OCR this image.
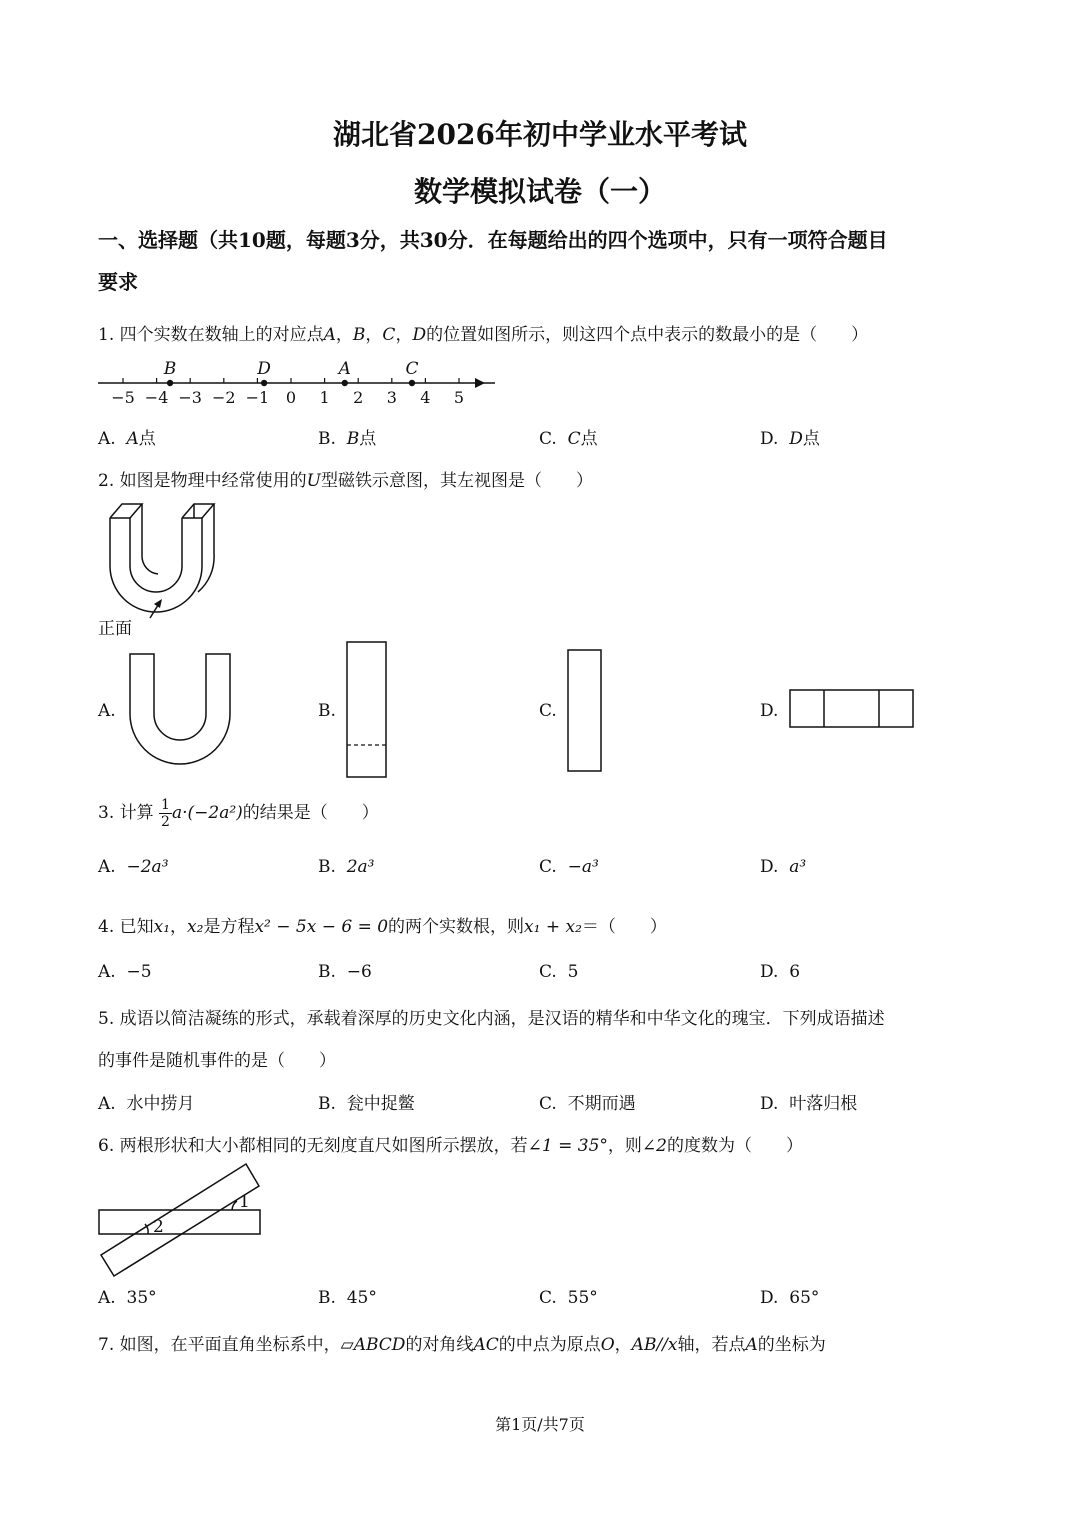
湖北省2026年初中学业水平考试
数学模拟试卷（一）
一、选择题（共10题，每题3分，共30分．在每题给出的四个选项中，只有一项符合题目
要求
1. 四个实数在数轴上的对应点A，B，C，D的位置如图所示，则这四个点中表示的数最小的是（　　）
−5 −4 −3 −2 −1 0 1 2 3 4 5
B	D	A	C
A. A点	B. B点	C. C点	D. D点
2. 如图是物理中经常使用的U型磁铁示意图，其左视图是（　　）
正面
A.	B.	C.	D.
3. 计算 $\frac{1}{2} a\cdot(-2a^2)$的结果是（　　）
A. −2a³	B. 2a³	C. −a³	D. a³
4. 已知x₁，x₂是方程x² − 5x − 6 = 0的两个实数根，则x₁ + x₂＝（　　）
A. −5	B. −6	C. 5	D. 6
5. 成语以简洁凝练的形式，承载着深厚的历史文化内涵，是汉语的精华和中华文化的瑰宝．下列成语描述
的事件是随机事件的是（　　）
A. 水中捞月	B. 瓮中捉鳖	C. 不期而遇	D. 叶落归根
6. 两根形状和大小都相同的无刻度直尺如图所示摆放，若∠1 = 35°，则∠2的度数为（　　）
1
2
A. 35°	B. 45°	C. 55°	D. 65°
7. 如图，在平面直角坐标系中，▱ABCD的对角线AC的中点为原点O，AB//x轴，若点A的坐标为
第1页/共7页
